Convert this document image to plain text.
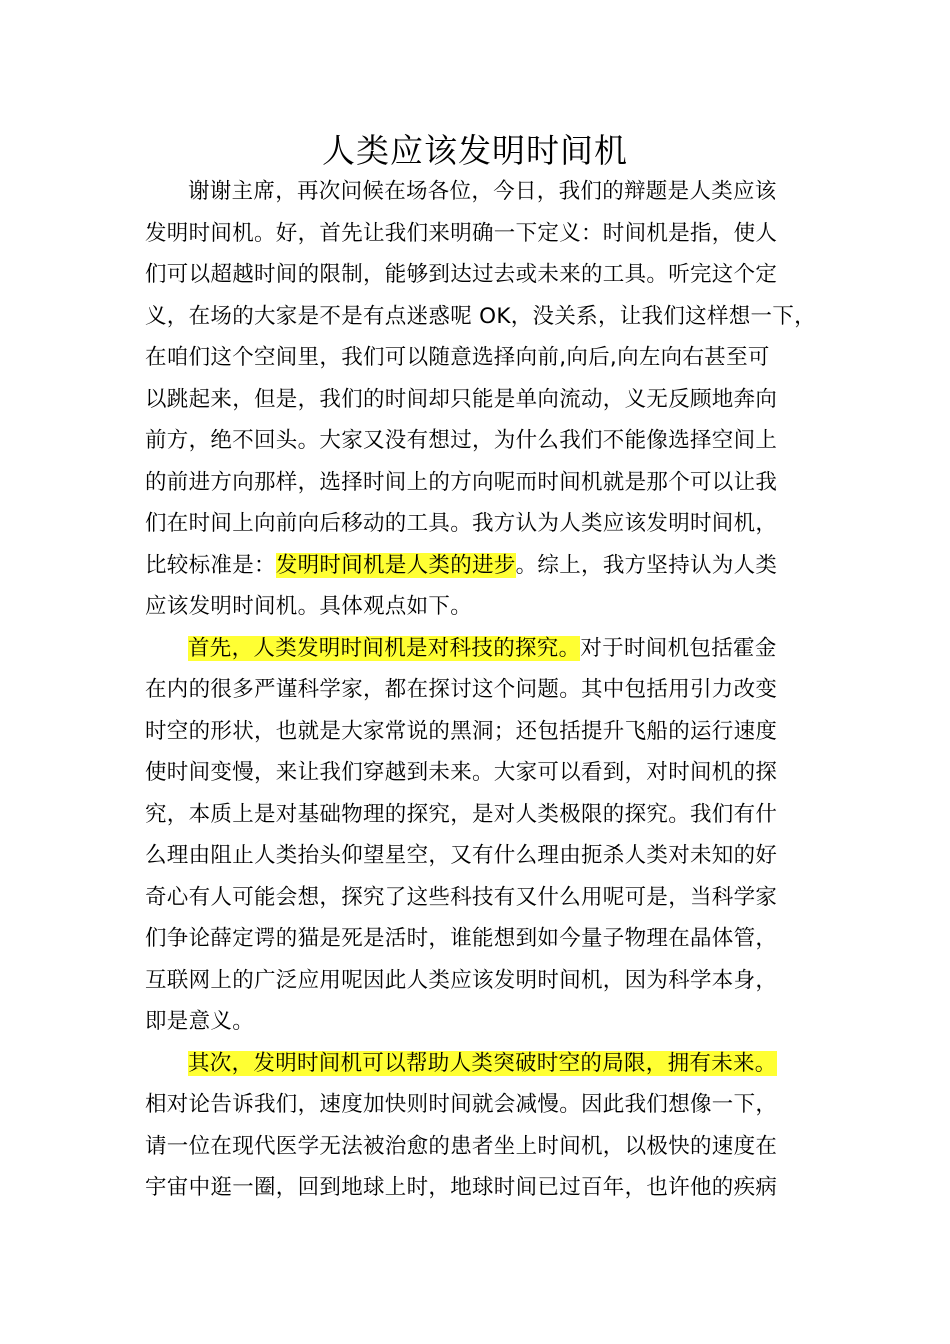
人类应该发明时间机
谢谢主席，再次问候在场各位，今日，我们的辩题是人类应该
发明时间机。好，首先让我们来明确一下定义：时间机是指，使人
们可以超越时间的限制，能够到达过去或未来的工具。听完这个定
义，在场的大家是不是有点迷惑呢 OK，没关系，让我们这样想一下，
在咱们这个空间里，我们可以随意选择向前,向后,向左向右甚至可
以跳起来，但是，我们的时间却只能是单向流动，义无反顾地奔向
前方，绝不回头。大家又没有想过，为什么我们不能像选择空间上
的前进方向那样，选择时间上的方向呢而时间机就是那个可以让我
们在时间上向前向后移动的工具。我方认为人类应该发明时间机，
比较标准是：发明时间机是人类的进步。综上，我方坚持认为人类
应该发明时间机。具体观点如下。
首先，人类发明时间机是对科技的探究。对于时间机包括霍金
在内的很多严谨科学家，都在探讨这个问题。其中包括用引力改变
时空的形状，也就是大家常说的黑洞；还包括提升飞船的运行速度
使时间变慢，来让我们穿越到未来。大家可以看到，对时间机的探
究，本质上是对基础物理的探究，是对人类极限的探究。我们有什
么理由阻止人类抬头仰望星空，又有什么理由扼杀人类对未知的好
奇心有人可能会想，探究了这些科技有又什么用呢可是，当科学家
们争论薛定谔的猫是死是活时，谁能想到如今量子物理在晶体管，
互联网上的广泛应用呢因此人类应该发明时间机，因为科学本身，
即是意义。
其次，发明时间机可以帮助人类突破时空的局限，拥有未来。
相对论告诉我们，速度加快则时间就会减慢。因此我们想像一下，
请一位在现代医学无法被治愈的患者坐上时间机，以极快的速度在
宇宙中逛一圈，回到地球上时，地球时间已过百年，也许他的疾病
